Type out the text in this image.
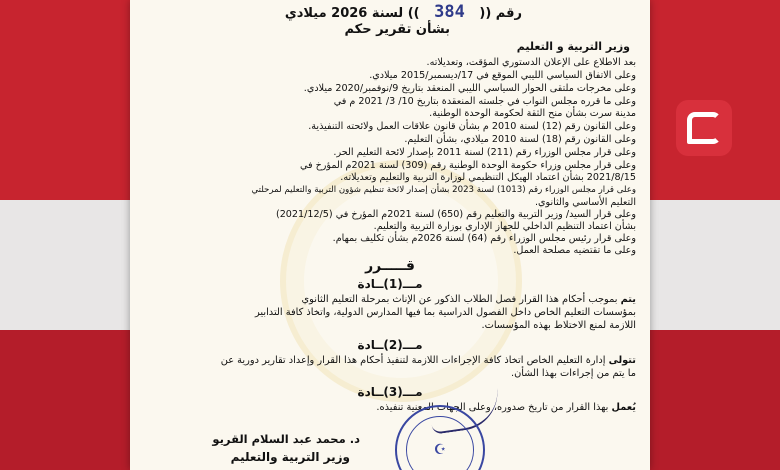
رقم (( 384 )) لسنة 2026 ميلادي
بشأن تقرير حكم
وزير التربية و التعليم
بعد الاطلاع على الإعلان الدستوري المؤقت، وتعديلاته.
وعلى الاتفاق السياسي الليبي الموقع في 17/ديسمبر/2015 ميلادي.
وعلى مخرجات ملتقى الحوار السياسي الليبي المنعقد بتاريخ 9/نوفمبر/2020 ميلادي.
وعلى ما قرره مجلس النواب في جلسته المنعقدة بتاريخ 10/ 3/ 2021 م في
مدينة سرت بشأن منح الثقة لحكومة الوحدة الوطنية.
وعلى القانون رقم (12) لسنة 2010 م بشأن قانون علاقات العمل ولائحته التنفيذية.
وعلى القانون رقم (18) لسنة 2010 ميلادي، بشأن التعليم.
وعلى قرار مجلس الوزراء رقم (211) لسنة 2011 بإصدار لائحة التعليم الحر.
وعلى قرار مجلس وزراء حكومة الوحدة الوطنية رقم (309) لسنة 2021م المؤرخ في
2021/8/15 بشأن اعتماد الهيكل التنظيمي لوزارة التربية والتعليم وتعديلاته.
وعلى قرار مجلس الوزراء رقم (1013) لسنة 2023 بشأن إصدار لائحة تنظيم شؤون التربية والتعليم لمرحلتي
التعليم الأساسي والثانوي.
وعلى قرار السيد/ وزير التربية والتعليم رقم (650) لسنة 2021م المؤرخ في (2021/12/5)
بشأن اعتماد التنظيم الداخلي للجهاز الإداري بوزارة التربية والتعليم.
وعلى قرار رئيس مجلس الوزراء رقم (64) لسنة 2026م بشأن تكليف بمهام.
وعلى ما تقتضيه مصلحة العمل.
قـــــرر
مـــ(1)ــادة
يتم بموجب أحكام هذا القرار فصل الطلاب الذكور عن الإناث بمرحلة التعليم الثانوي
بمؤسسات التعليم الخاص داخل الفصول الدراسية بما فيها المدارس الدولية، واتخاذ كافة التدابير
اللازمة لمنع الاختلاط بهذه المؤسسات.
مـــ(2)ــادة
تتولى إدارة التعليم الخاص اتخاذ كافة الإجراءات اللازمة لتنفيذ أحكام هذا القرار وإعداد تقارير دورية عن
ما يتم من إجراءات بهذا الشأن.
مـــ(3)ــادة
يُعمل بهذا القرار من تاريخ صدوره، وعلى الجهات المعنية تنفيذه.
د. محمد عبد السلام القريو
وزير التربية والتعليم	☪
